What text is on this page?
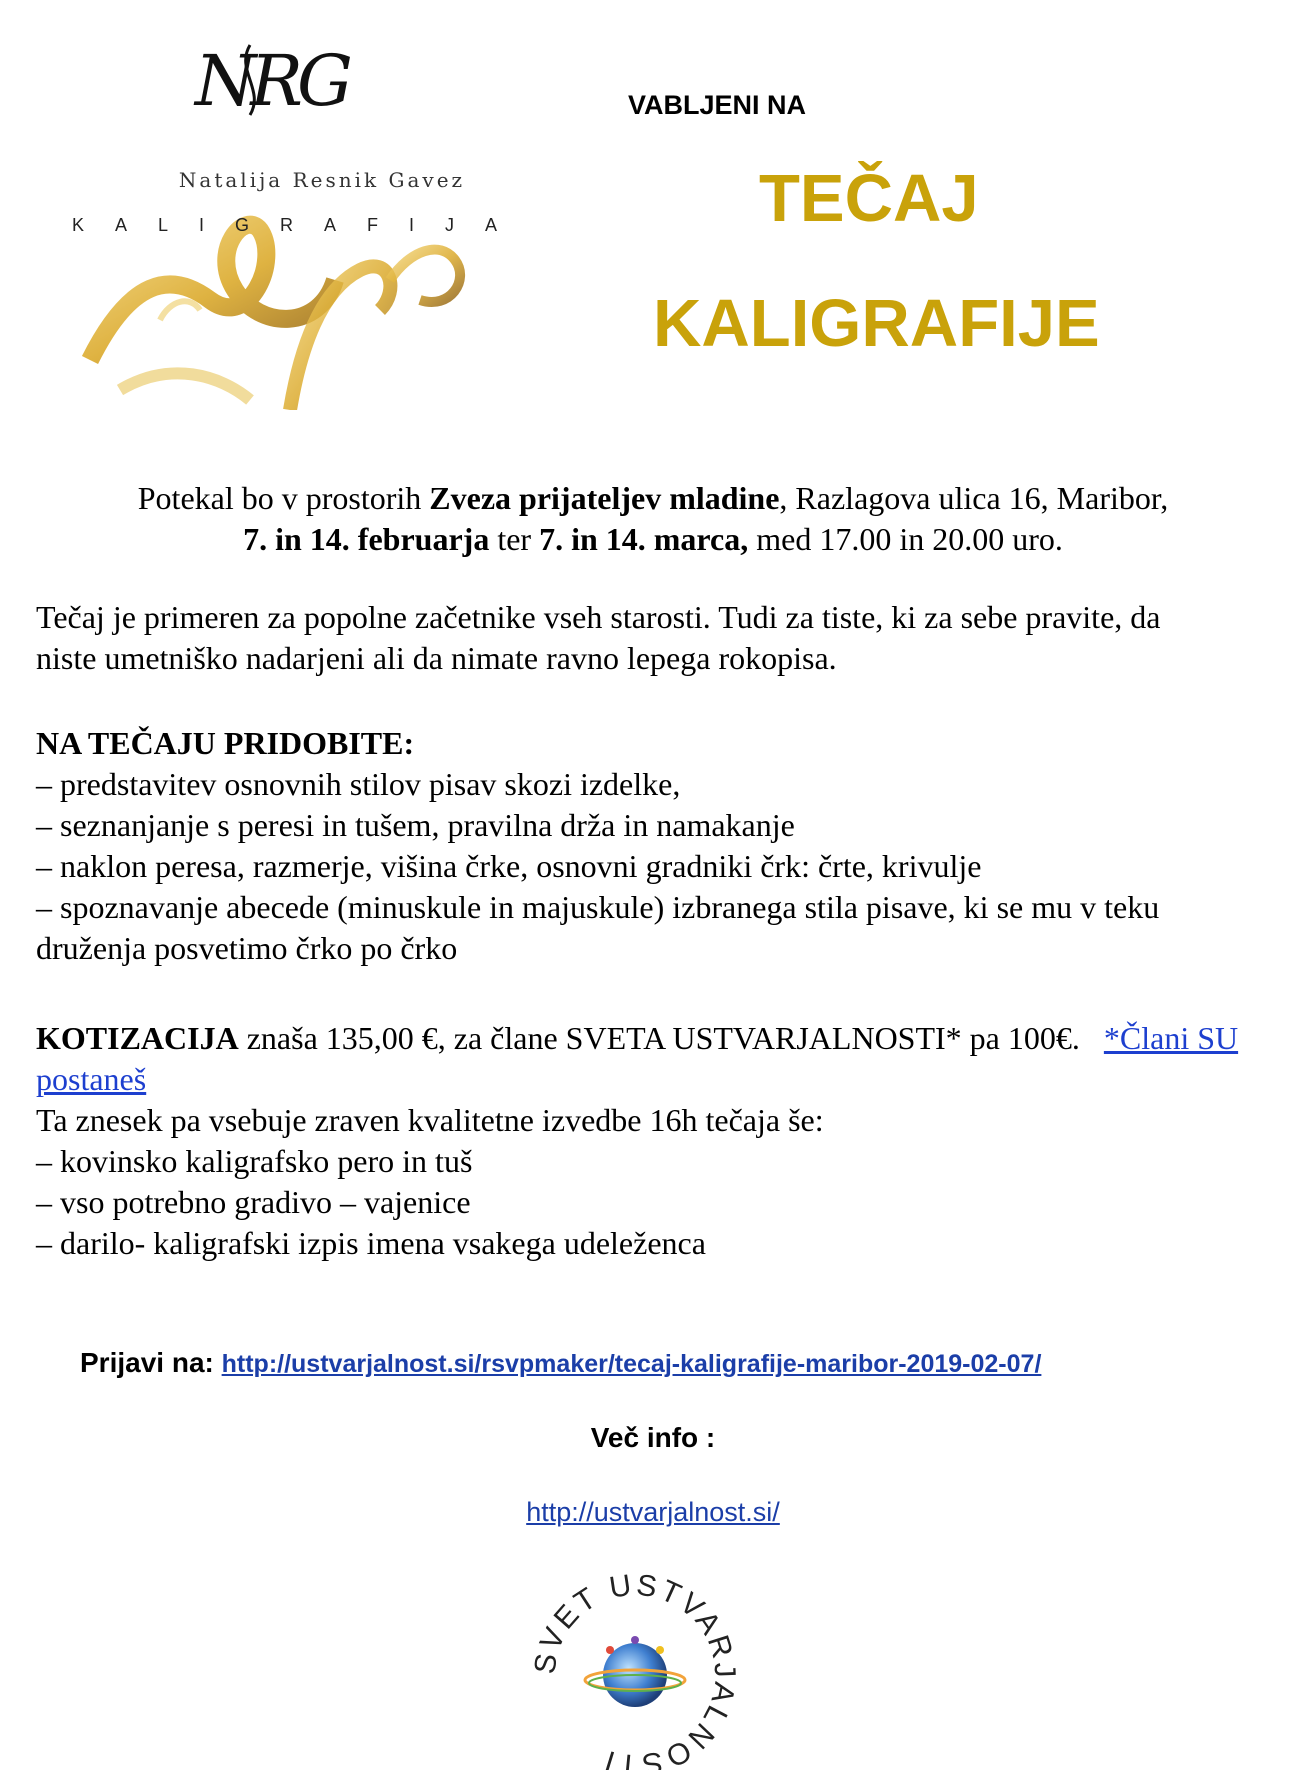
NRG
Natalija Resnik Gavez
KALIGRAFIJA
VABLJENI NA
TEČAJ
KALIGRAFIJE
Potekal bo v prostorih Zveza prijateljev mladine, Razlagova ulica 16, Maribor,
7. in 14. februarja ter 7. in 14. marca, med 17.00 in 20.00 uro.
Tečaj je primeren za popolne začetnike vseh starosti. Tudi za tiste, ki za sebe pravite, da niste umetniško nadarjeni ali da nimate ravno lepega rokopisa.
NA TEČAJU PRIDOBITE:
– predstavitev osnovnih stilov pisav skozi izdelke,
– seznanjanje s peresi in tušem, pravilna drža in namakanje
– naklon peresa, razmerje, višina črke, osnovni gradniki črk: črte, krivulje
– spoznavanje abecede (minuskule in majuskule) izbranega stila pisave, ki se mu v teku druženja posvetimo črko po črko
KOTIZACIJA znaša 135,00 €, za člane SVETA USTVARJALNOSTI* pa 100€. *Člani SU postaneš
Ta znesek pa vsebuje zraven kvalitetne izvedbe 16h tečaja še:
– kovinsko kaligrafsko pero in tuš
– vso potrebno gradivo – vajenice
– darilo- kaligrafski izpis imena vsakega udeleženca
Prijavi na: http://ustvarjalnost.si/rsvpmaker/tecaj-kaligrafije-maribor-2019-02-07/
Več info :
http://ustvarjalnost.si/
SVET USTVARJALNOSTI
